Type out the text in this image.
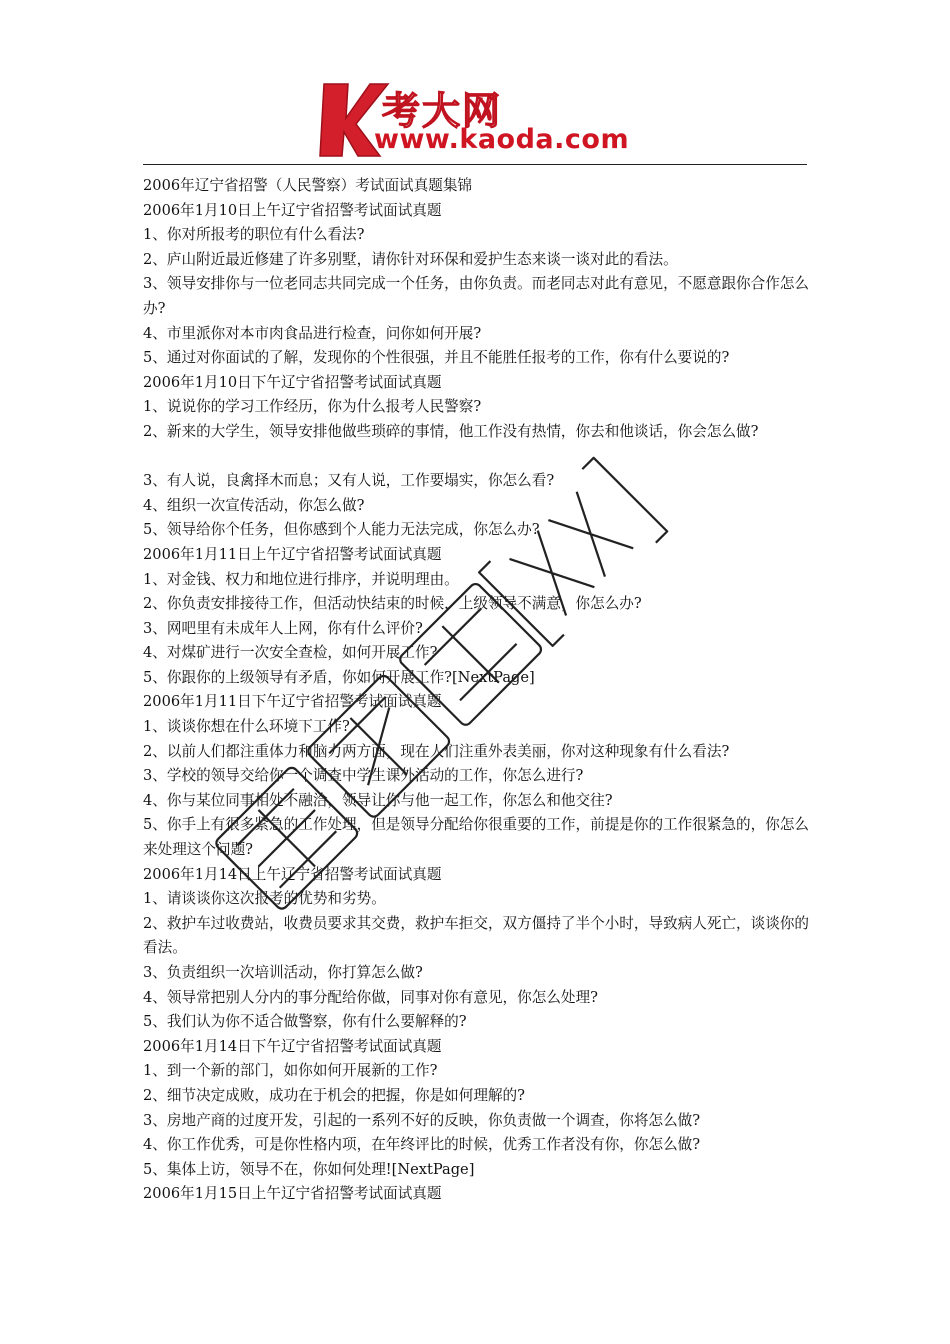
考大网
www.kaoda.com

2006年辽宁省招警（人民警察）考试面试真题集锦

2006年1月10日上午辽宁省招警考试面试真题

1、你对所报考的职位有什么看法?

2、庐山附近最近修建了许多别墅，请你针对环保和爱护生态来谈一谈对此的看法。

3、领导安排你与一位老同志共同完成一个任务，由你负责。而老同志对此有意见，不愿意跟你合作怎么办?

4、市里派你对本市肉食品进行检查，问你如何开展?

5、通过对你面试的了解，发现你的个性很强，并且不能胜任报考的工作，你有什么要说的?

2006年1月10日下午辽宁省招警考试面试真题

1、说说你的学习工作经历，你为什么报考人民警察?

2、新来的大学生，领导安排他做些琐碎的事情，他工作没有热情，你去和他谈话，你会怎么做?

3、有人说，良禽择木而息；又有人说，工作要塌实，你怎么看?

4、组织一次宣传活动，你怎么做?

5、领导给你个任务，但你感到个人能力无法完成，你怎么办?

2006年1月11日上午辽宁省招警考试面试真题

1、对金钱、权力和地位进行排序，并说明理由。

2、你负责安排接待工作，但活动快结束的时候，上级领导不满意，你怎么办?

3、网吧里有未成年人上网，你有什么评价?

4、对煤矿进行一次安全查检，如何开展工作?

5、你跟你的上级领导有矛盾，你如何开展工作?[NextPage]

2006年1月11日下午辽宁省招警考试面试真题

1、谈谈你想在什么环境下工作?

2、以前人们都注重体力和脑力两方面，现在人们注重外表美丽，你对这种现象有什么看法?

3、学校的领导交给你一个调查中学生课外活动的工作，你怎么进行?

4、你与某位同事相处不融洽，领导让你与他一起工作，你怎么和他交往?

5、你手上有很多紧急的工作处理，但是领导分配给你很重要的工作，前提是你的工作很紧急的，你怎么来处理这个问题?

2006年1月14日上午辽宁省招警考试面试真题

1、请谈谈你这次报考的优势和劣势。

2、救护车过收费站，收费员要求其交费，救护车拒交，双方僵持了半个小时，导致病人死亡，谈谈你的看法。

3、负责组织一次培训活动，你打算怎么做?

4、领导常把别人分内的事分配给你做，同事对你有意见，你怎么处理?

5、我们认为你不适合做警察，你有什么要解释的?

2006年1月14日下午辽宁省招警考试面试真题

1、到一个新的部门，如你如何开展新的工作?

2、细节决定成败，成功在于机会的把握，你是如何理解的?

3、房地产商的过度开发，引起的一系列不好的反映，你负责做一个调查，你将怎么做?

4、你工作优秀，可是你性格内项，在年终评比的时候，优秀工作者没有你，你怎么做?

5、集体上访，领导不在，你如何处理![NextPage]

2006年1月15日上午辽宁省招警考试面试真题
